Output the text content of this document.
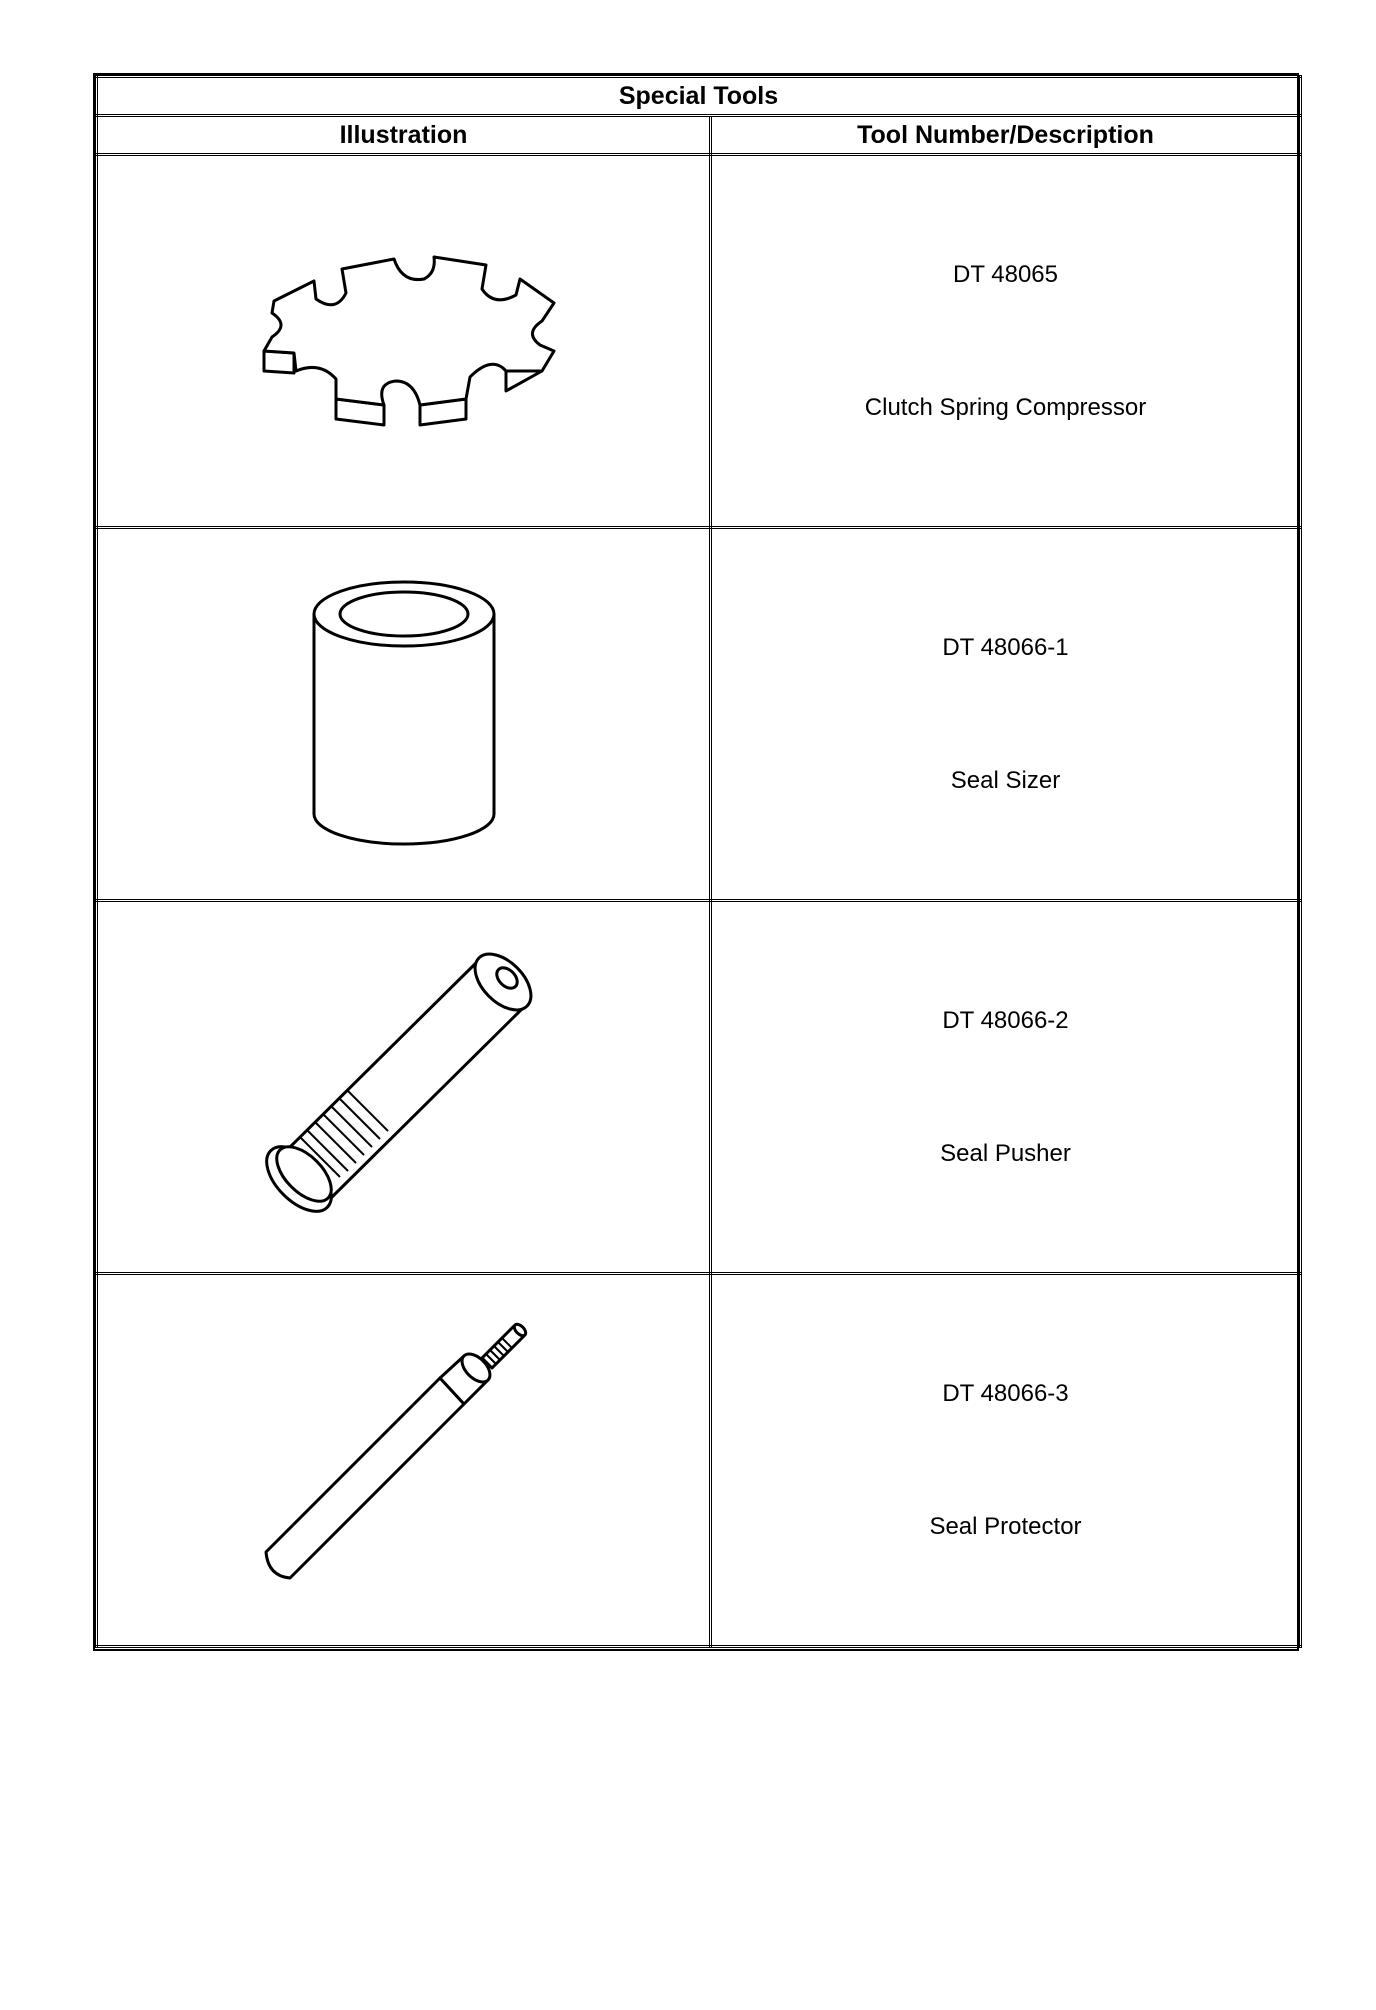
Special Tools	
Illustration	Tool Number/Description

DT 48065
Clutch Spring Compressor

DT 48066-1
Seal Sizer

DT 48066-2
Seal Pusher

DT 48066-3
Seal Protector
